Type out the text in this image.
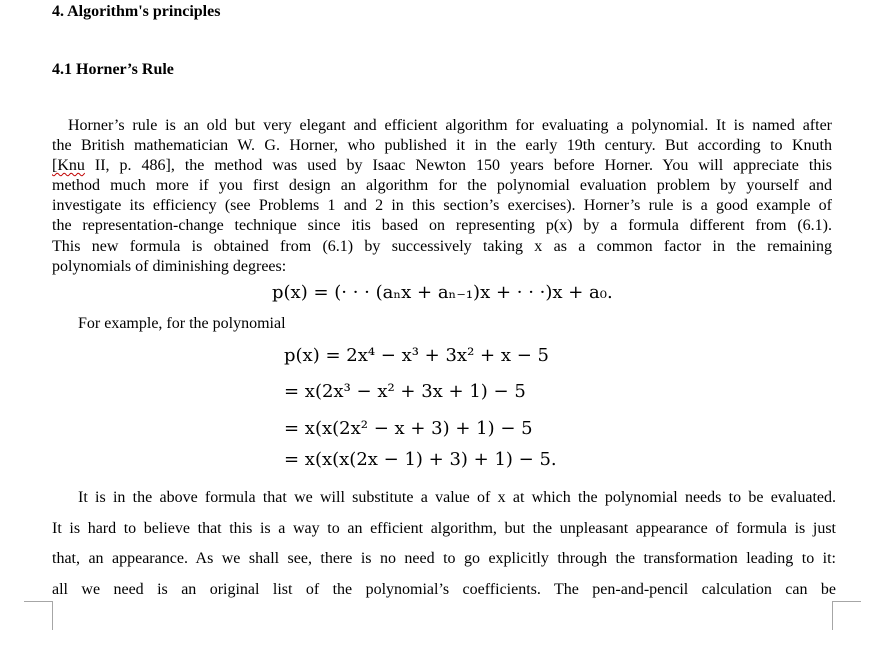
4. Algorithm's principles
4.1 Horner’s Rule
Horner’s rule is an old but very elegant and efficient algorithm for evaluating a polynomial. It is named after
the British mathematician W. G. Horner, who published it in the early 19th century. But according to Knuth
[Knu II, p. 486], the method was used by Isaac Newton 150 years before Horner. You will appreciate this
method much more if you first design an algorithm for the polynomial evaluation problem by yourself and
investigate its efficiency (see Problems 1 and 2 in this section’s exercises). Horner’s rule is a good example of
the representation-change technique since itis based on representing p(x) by a formula different from (6.1).
This new formula is obtained from (6.1) by successively taking x as a common factor in the remaining
polynomials of diminishing degrees:
p(x) = (· · · (aₙx + aₙ₋₁)x + · · ·)x + a₀.
For example, for the polynomial
p(x) = 2x⁴ − x³ + 3x² + x − 5
= x(2x³ − x² + 3x + 1) − 5
= x(x(2x² − x + 3) + 1) − 5
= x(x(x(2x − 1) + 3) + 1) − 5.
It is in the above formula that we will substitute a value of x at which the polynomial needs to be evaluated.
It is hard to believe that this is a way to an efficient algorithm, but the unpleasant appearance of formula is just
that, an appearance. As we shall see, there is no need to go explicitly through the transformation leading to it:
all we need is an original list of the polynomial’s coefficients. The pen-and-pencil calculation can be
